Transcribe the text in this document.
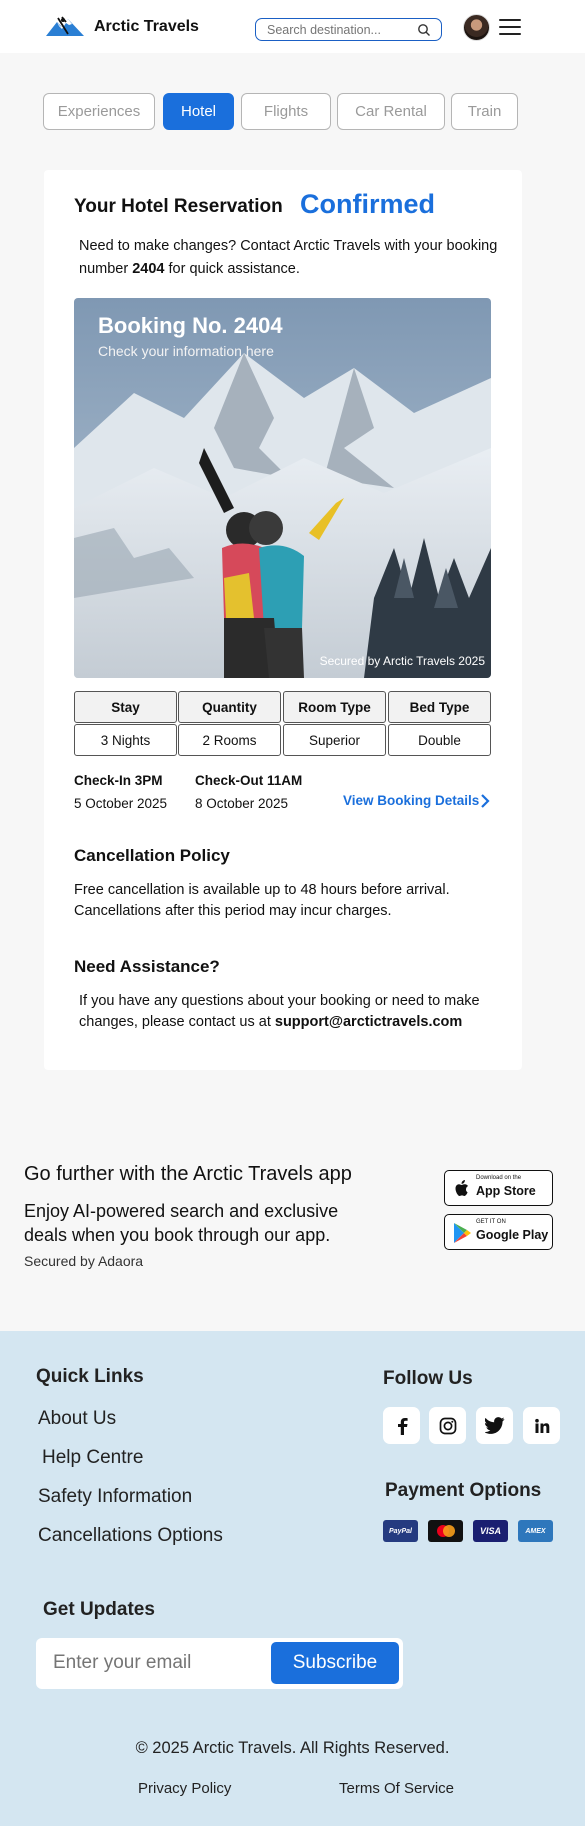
Arctic Travels
Search destination...
Experiences	Hotel	Flights	Car Rental	Train
Your Hotel Reservation Confirmed
Need to make changes? Contact Arctic Travels with your booking number 2404 for quick assistance.
Booking No. 2404
Check your information here
Secured by Arctic Travels 2025
Stay	Quantity	Room Type	Bed Type
3 Nights	2 Rooms	Superior	Double
Check-In 3PM
5 October 2025
Check-Out 11AM
8 October 2025	View Booking Details
Cancellation Policy
Free cancellation is available up to 48 hours before arrival. Cancellations after this period may incur charges.
Need Assistance?
If you have any questions about your booking or need to make changes, please contact us at support@arctictravels.com
Go further with the Arctic Travels app
Enjoy AI-powered search and exclusive deals when you book through our app.
Secured by Adaora
Download on the
App Store
GET IT ON
Google Play
Quick Links
About Us
Help Centre
Safety Information
Cancellations Options
Follow Us
Payment Options
PayPal	VISA	AMEX
Get Updates
Enter your email
Subscribe
© 2025 Arctic Travels. All Rights Reserved.
Privacy Policy	Terms Of Service
